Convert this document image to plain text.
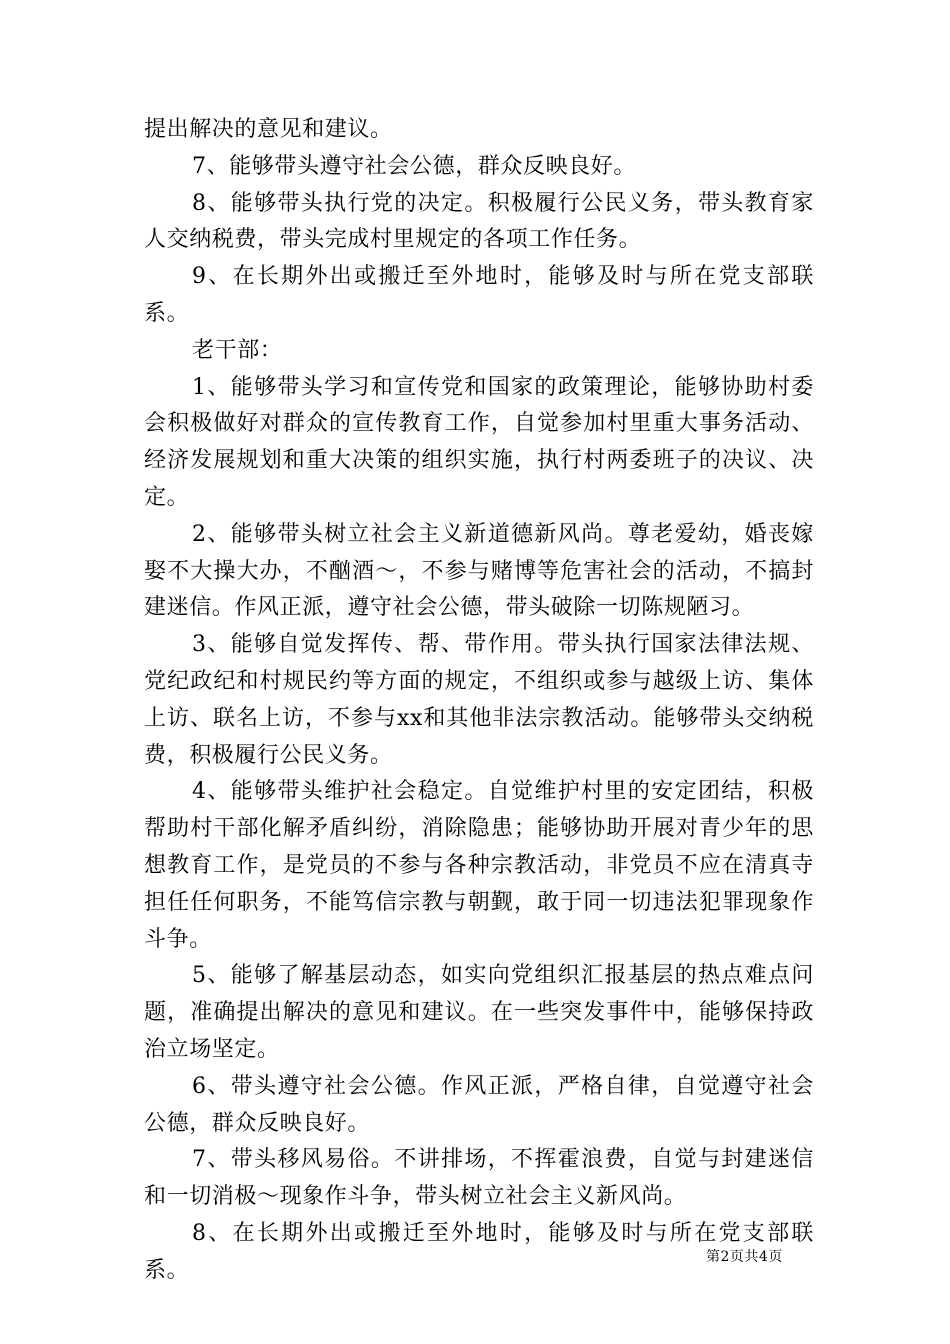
提出解决的意见和建议。

7、能够带头遵守社会公德，群众反映良好。

8、能够带头执行党的决定。积极履行公民义务，带头教育家人交纳税费，带头完成村里规定的各项工作任务。

9、在长期外出或搬迁至外地时，能够及时与所在党支部联系。

老干部：

1、能够带头学习和宣传党和国家的政策理论，能够协助村委会积极做好对群众的宣传教育工作，自觉参加村里重大事务活动、经济发展规划和重大决策的组织实施，执行村两委班子的决议、决定。

2、能够带头树立社会主义新道德新风尚。尊老爱幼，婚丧嫁娶不大操大办，不酗酒～，不参与赌博等危害社会的活动，不搞封建迷信。作风正派，遵守社会公德，带头破除一切陈规陋习。

3、能够自觉发挥传、帮、带作用。带头执行国家法律法规、党纪政纪和村规民约等方面的规定，不组织或参与越级上访、集体上访、联名上访，不参与xx和其他非法宗教活动。能够带头交纳税费，积极履行公民义务。

4、能够带头维护社会稳定。自觉维护村里的安定团结，积极帮助村干部化解矛盾纠纷，消除隐患；能够协助开展对青少年的思想教育工作，是党员的不参与各种宗教活动，非党员不应在清真寺担任任何职务，不能笃信宗教与朝觐，敢于同一切违法犯罪现象作斗争。

5、能够了解基层动态，如实向党组织汇报基层的热点难点问题，准确提出解决的意见和建议。在一些突发事件中，能够保持政治立场坚定。

6、带头遵守社会公德。作风正派，严格自律，自觉遵守社会公德，群众反映良好。

7、带头移风易俗。不讲排场，不挥霍浪费，自觉与封建迷信和一切消极～现象作斗争，带头树立社会主义新风尚。

8、在长期外出或搬迁至外地时，能够及时与所在党支部联系。

第2页共4页
